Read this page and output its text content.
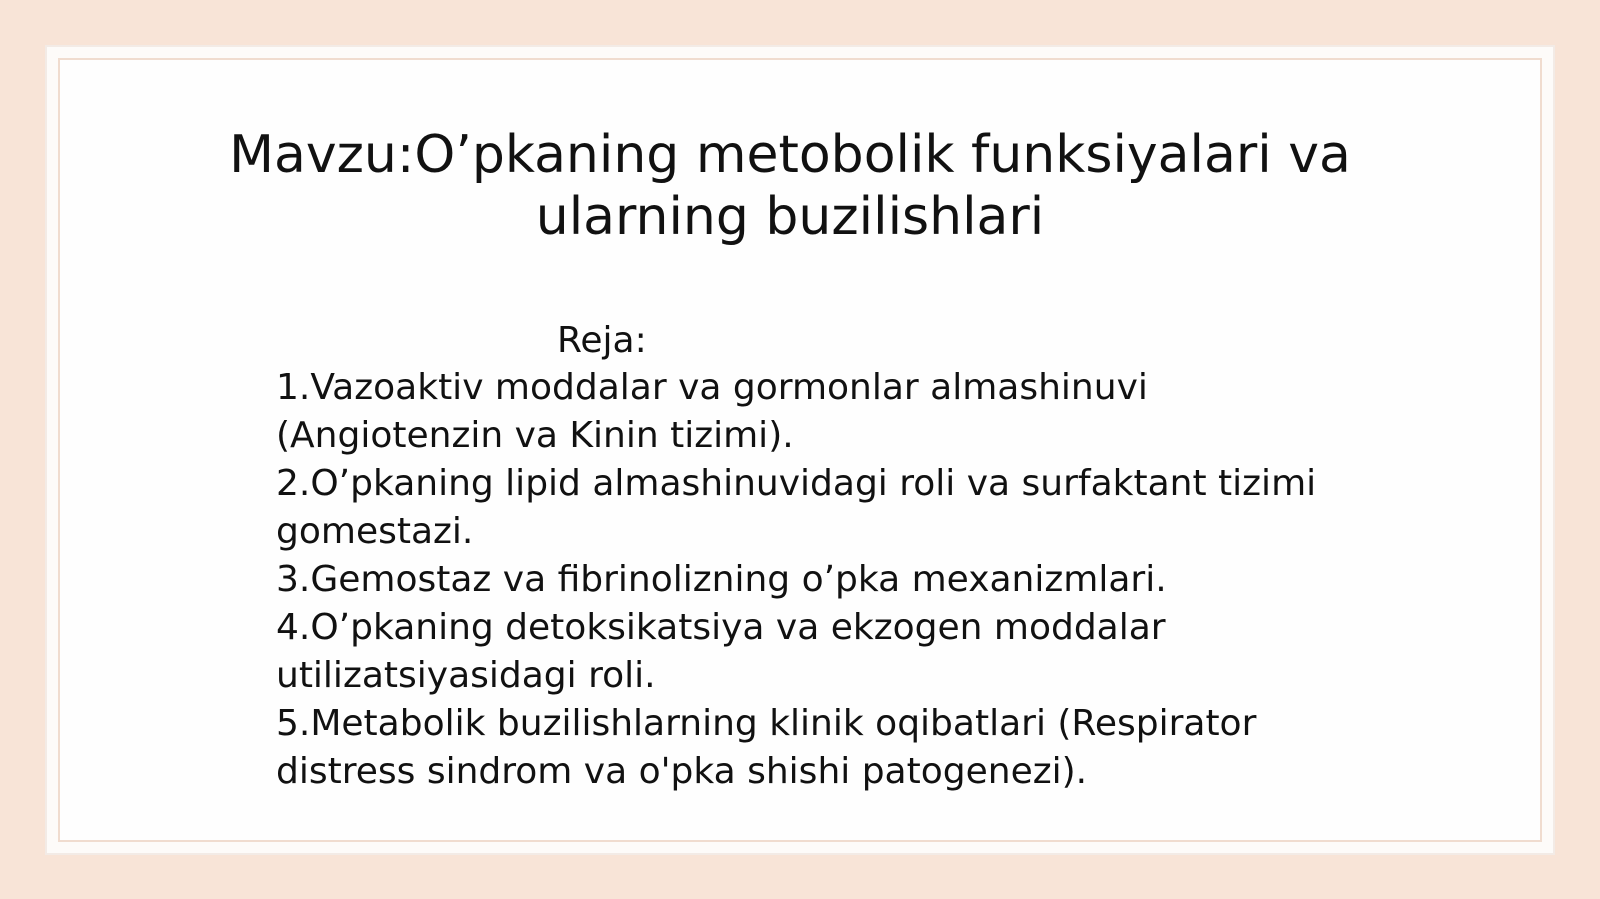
Mavzu:O’pkaning metobolik funksiyalari va
ularning buzilishlari

Reja:

1.Vazoaktiv moddalar va gormonlar almashinuvi
(Angiotenzin va Kinin tizimi).
2.O’pkaning lipid almashinuvidagi roli va surfaktant tizimi
gomestazi.
3.Gemostaz va fibrinolizning o’pka mexanizmlari.
4.O’pkaning detoksikatsiya va ekzogen moddalar
utilizatsiyasidagi roli.
5.Metabolik buzilishlarning klinik oqibatlari (Respirator
distress sindrom va o'pka shishi patogenezi).
